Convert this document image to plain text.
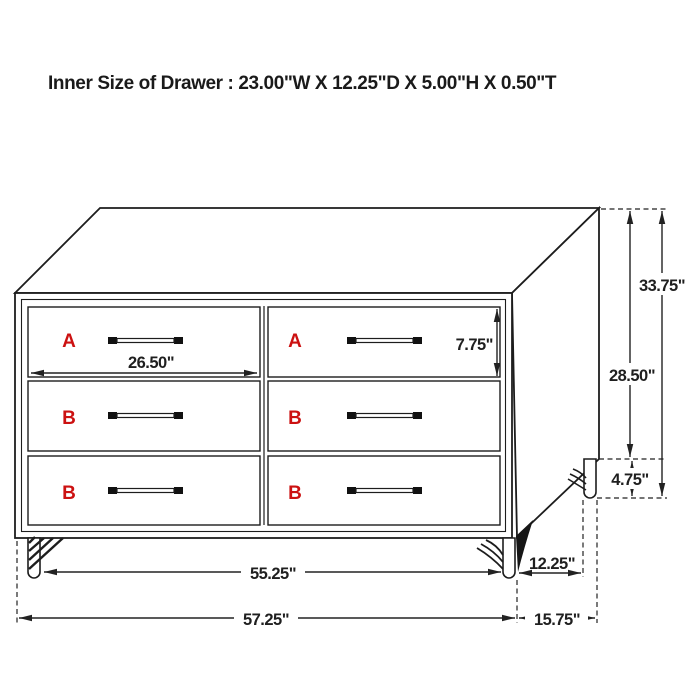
Inner Size of Drawer : 23.00"W X 12.25"D X 5.00"H X 0.50"T
A	A
B	B
B	B
26.50"
7.75"
28.50"
33.75"
4.75"
55.25"
12.25"
57.25"	15.75"
